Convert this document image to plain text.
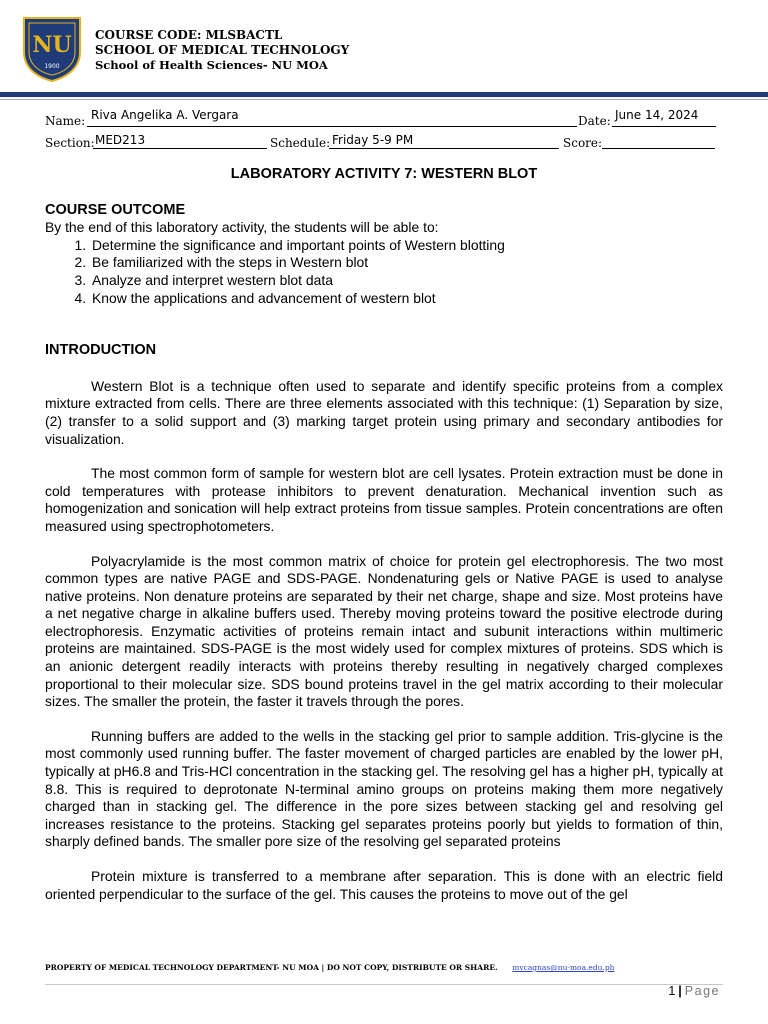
NU
1900
COURSE CODE: MLSBACTL
SCHOOL OF MEDICAL TECHNOLOGY
School of Health Sciences- NU MOA
Name: Riva Angelika A. Vergara	Date: June 14, 2024
Section: MED213	Schedule: Friday 5-9 PM	Score:
LABORATORY ACTIVITY 7: WESTERN BLOT
COURSE OUTCOME
By the end of this laboratory activity, the students will be able to:
1. Determine the significance and important points of Western blotting
2. Be familiarized with the steps in Western blot
3. Analyze and interpret western blot data
4. Know the applications and advancement of western blot
INTRODUCTION
Western Blot is a technique often used to separate and identify specific proteins from a complex mixture extracted from cells. There are three elements associated with this technique: (1) Separation by size, (2) transfer to a solid support and (3) marking target protein using primary and secondary antibodies for visualization.
The most common form of sample for western blot are cell lysates. Protein extraction must be done in cold temperatures with protease inhibitors to prevent denaturation. Mechanical invention such as homogenization and sonication will help extract proteins from tissue samples. Protein concentrations are often measured using spectrophotometers.
Polyacrylamide is the most common matrix of choice for protein gel electrophoresis. The two most common types are native PAGE and SDS-PAGE. Nondenaturing gels or Native PAGE is used to analyse native proteins. Non denature proteins are separated by their net charge, shape and size. Most proteins have a net negative charge in alkaline buffers used. Thereby moving proteins toward the positive electrode during electrophoresis. Enzymatic activities of proteins remain intact and subunit interactions within multimeric proteins are maintained. SDS-PAGE is the most widely used for complex mixtures of proteins. SDS which is an anionic detergent readily interacts with proteins thereby resulting in negatively charged complexes proportional to their molecular size. SDS bound proteins travel in the gel matrix according to their molecular sizes. The smaller the protein, the faster it travels through the pores.
Running buffers are added to the wells in the stacking gel prior to sample addition. Tris-glycine is the most commonly used running buffer. The faster movement of charged particles are enabled by the lower pH, typically at pH6.8 and Tris-HCl concentration in the stacking gel. The resolving gel has a higher pH, typically at 8.8. This is required to deprotonate N-terminal amino groups on proteins making them more negatively charged than in stacking gel. The difference in the pore sizes between stacking gel and resolving gel increases resistance to the proteins. Stacking gel separates proteins poorly but yields to formation of thin, sharply defined bands. The smaller pore size of the resolving gel separated proteins
Protein mixture is transferred to a membrane after separation. This is done with an electric field oriented perpendicular to the surface of the gel. This causes the proteins to move out of the gel
PROPERTY OF MEDICAL TECHNOLOGY DEPARTMENT- NU MOA | DO NOT COPY, DISTRIBUTE OR SHARE. mvcagnas@nu-moa.edu.ph
1 | Page
